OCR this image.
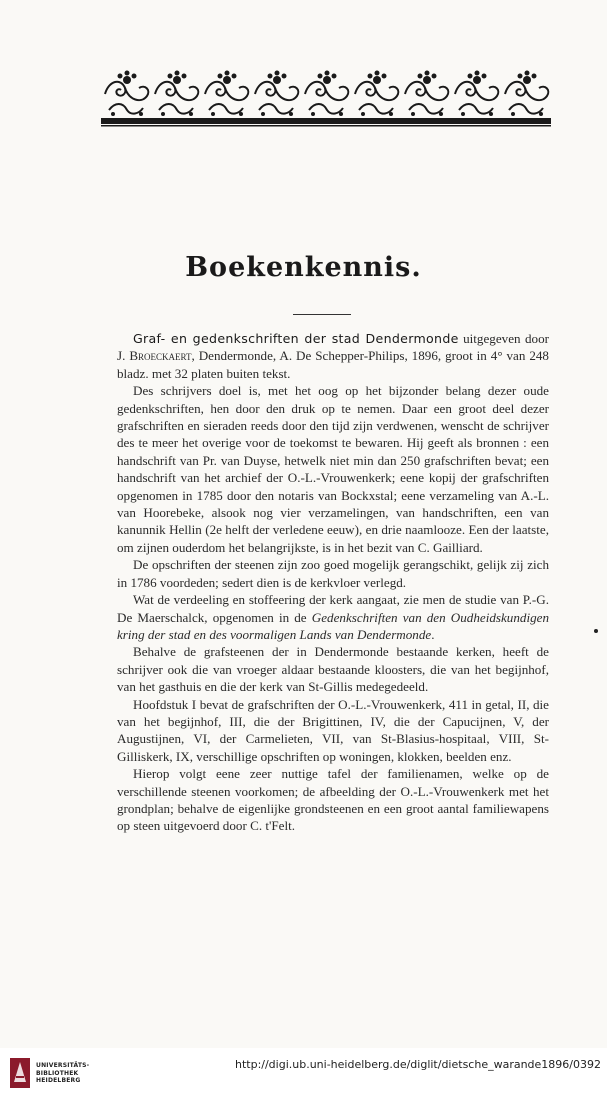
Boekenkennis.

Graf- en gedenkschriften der stad Dendermonde uitgegeven door J. Broeckaert, Dendermonde, A. De Schepper-Philips, 1896, groot in 4° van 248 bladz. met 32 platen buiten tekst.

Des schrijvers doel is, met het oog op het bijzonder belang dezer oude gedenkschriften, hen door den druk op te nemen. Daar een groot deel dezer grafschriften en sieraden reeds door den tijd zijn verdwenen, wenscht de schrijver des te meer het overige voor de toekomst te bewaren. Hij geeft als bronnen : een handschrift van Pr. van Duyse, hetwelk niet min dan 250 grafschriften bevat; een handschrift van het archief der O.-L.-Vrouwenkerk; eene kopij der grafschriften opgenomen in 1785 door den notaris van Bockxstal; eene verzameling van A.-L. van Hoorebeke, alsook nog vier verzamelingen, van handschriften, een van kanunnik Hellin (2e helft der verledene eeuw), en drie naamlooze. Een der laatste, om zijnen ouderdom het belangrijkste, is in het bezit van C. Gailliard.

De opschriften der steenen zijn zoo goed mogelijk gerangschikt, gelijk zij zich in 1786 voordeden; sedert dien is de kerkvloer verlegd.

Wat de verdeeling en stoffeering der kerk aangaat, zie men de studie van P.-G. De Maerschalck, opgenomen in de Gedenkschriften van den Oudheidskundigen kring der stad en des voormaligen Lands van Dendermonde.

Behalve de grafsteenen der in Dendermonde bestaande kerken, heeft de schrijver ook die van vroeger aldaar bestaande kloosters, die van het begijnhof, van het gasthuis en die der kerk van St-Gillis medegedeeld.

Hoofdstuk I bevat de grafschriften der O.-L.-Vrouwenkerk, 411 in getal, II, die van het begijnhof, III, die der Brigittinen, IV, die der Capucijnen, V, der Augustijnen, VI, der Carmelieten, VII, van St-Blasius-hospitaal, VIII, St-Gilliskerk, IX, verschillige opschriften op woningen, klokken, beelden enz.

Hierop volgt eene zeer nuttige tafel der familienamen, welke op de verschillende steenen voorkomen; de afbeelding der O.-L.-Vrouwenkerk met het grondplan; behalve de eigenlijke grondsteenen en een groot aantal familiewapens op steen uitgevoerd door C. t'Felt.

UNIVERSITÄTS-
BIBLIOTHEK
HEIDELBERG
http://digi.ub.uni-heidelberg.de/diglit/dietsche_warande1896/0392
